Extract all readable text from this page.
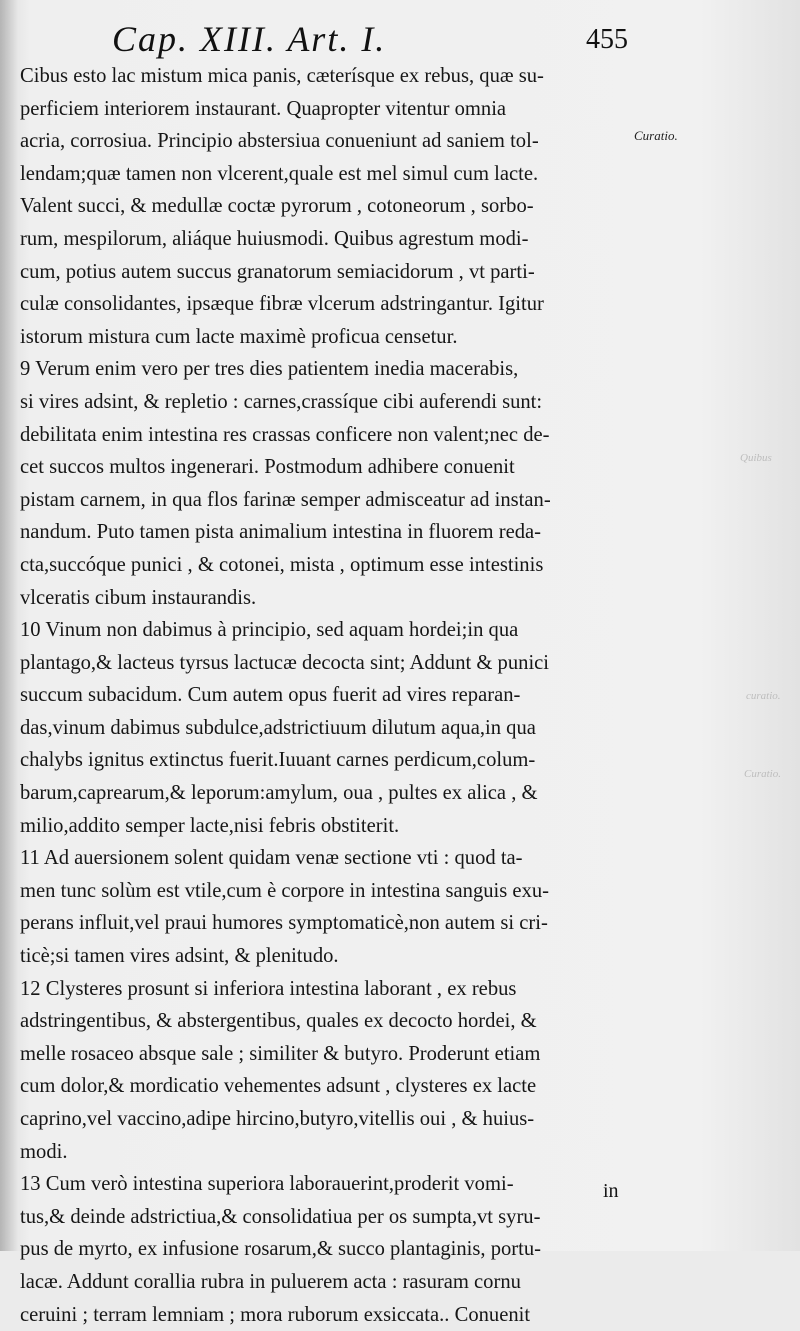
Cap. XIII. Art. I.	455
Curatio.
Quibus
curatio.
Curatio.
Cibus esto lac mistum mica panis, cæterísque ex rebus, quæ su-
perficiem interiorem instaurant. Quapropter vitentur omnia
acria, corrosiua. Principio abstersiua conueniunt ad saniem tol-
lendam;quæ tamen non vlcerent,quale est mel simul cum lacte.
Valent succi, & medullæ coctæ pyrorum , cotoneorum , sorbo-
rum, mespilorum, aliáque huiusmodi. Quibus agrestum modi-
cum, potius autem succus granatorum semiacidorum , vt parti-
culæ consolidantes, ipsæque fibræ vlcerum adstringantur. Igitur
istorum mistura cum lacte maximè proficua censetur.
9 Verum enim vero per tres dies patientem inedia macerabis,
si vires adsint, & repletio : carnes,crassíque cibi auferendi sunt:
debilitata enim intestina res crassas conficere non valent;nec de-
cet succos multos ingenerari. Postmodum adhibere conuenit
pistam carnem, in qua flos farinæ semper admisceatur ad instan-
nandum. Puto tamen pista animalium intestina in fluorem reda-
cta,succóque punici , & cotonei, mista , optimum esse intestinis
vlceratis cibum instaurandis.
10 Vinum non dabimus à principio, sed aquam hordei;in qua
plantago,& lacteus tyrsus lactucæ decocta sint; Addunt & punici
succum subacidum. Cum autem opus fuerit ad vires reparan-
das,vinum dabimus subdulce,adstrictiuum dilutum aqua,in qua
chalybs ignitus extinctus fuerit.Iuuant carnes perdicum,colum-
barum,caprearum,& leporum:amylum, oua , pultes ex alica , &
milio,addito semper lacte,nisi febris obstiterit.
11 Ad auersionem solent quidam venæ sectione vti : quod ta-
men tunc solùm est vtile,cum è corpore in intestina sanguis exu-
perans influit,vel praui humores symptomaticè,non autem si cri-
ticè;si tamen vires adsint, & plenitudo.
12 Clysteres prosunt si inferiora intestina laborant , ex rebus
adstringentibus, & abstergentibus, quales ex decocto hordei, &
melle rosaceo absque sale ; similiter & butyro. Proderunt etiam
cum dolor,& mordicatio vehementes adsunt , clysteres ex lacte
caprino,vel vaccino,adipe hircino,butyro,vitellis oui , & huius-
modi.
13 Cum verò intestina superiora laborauerint,proderit vomi-
tus,& deinde adstrictiua,& consolidatiua per os sumpta,vt syru-
pus de myrto, ex infusione rosarum,& succo plantaginis, portu-
lacæ. Addunt corallia rubra in puluerem acta : rasuram cornu
ceruini ; terram lemniam ; mora ruborum exsiccata.. Conuenit
in
